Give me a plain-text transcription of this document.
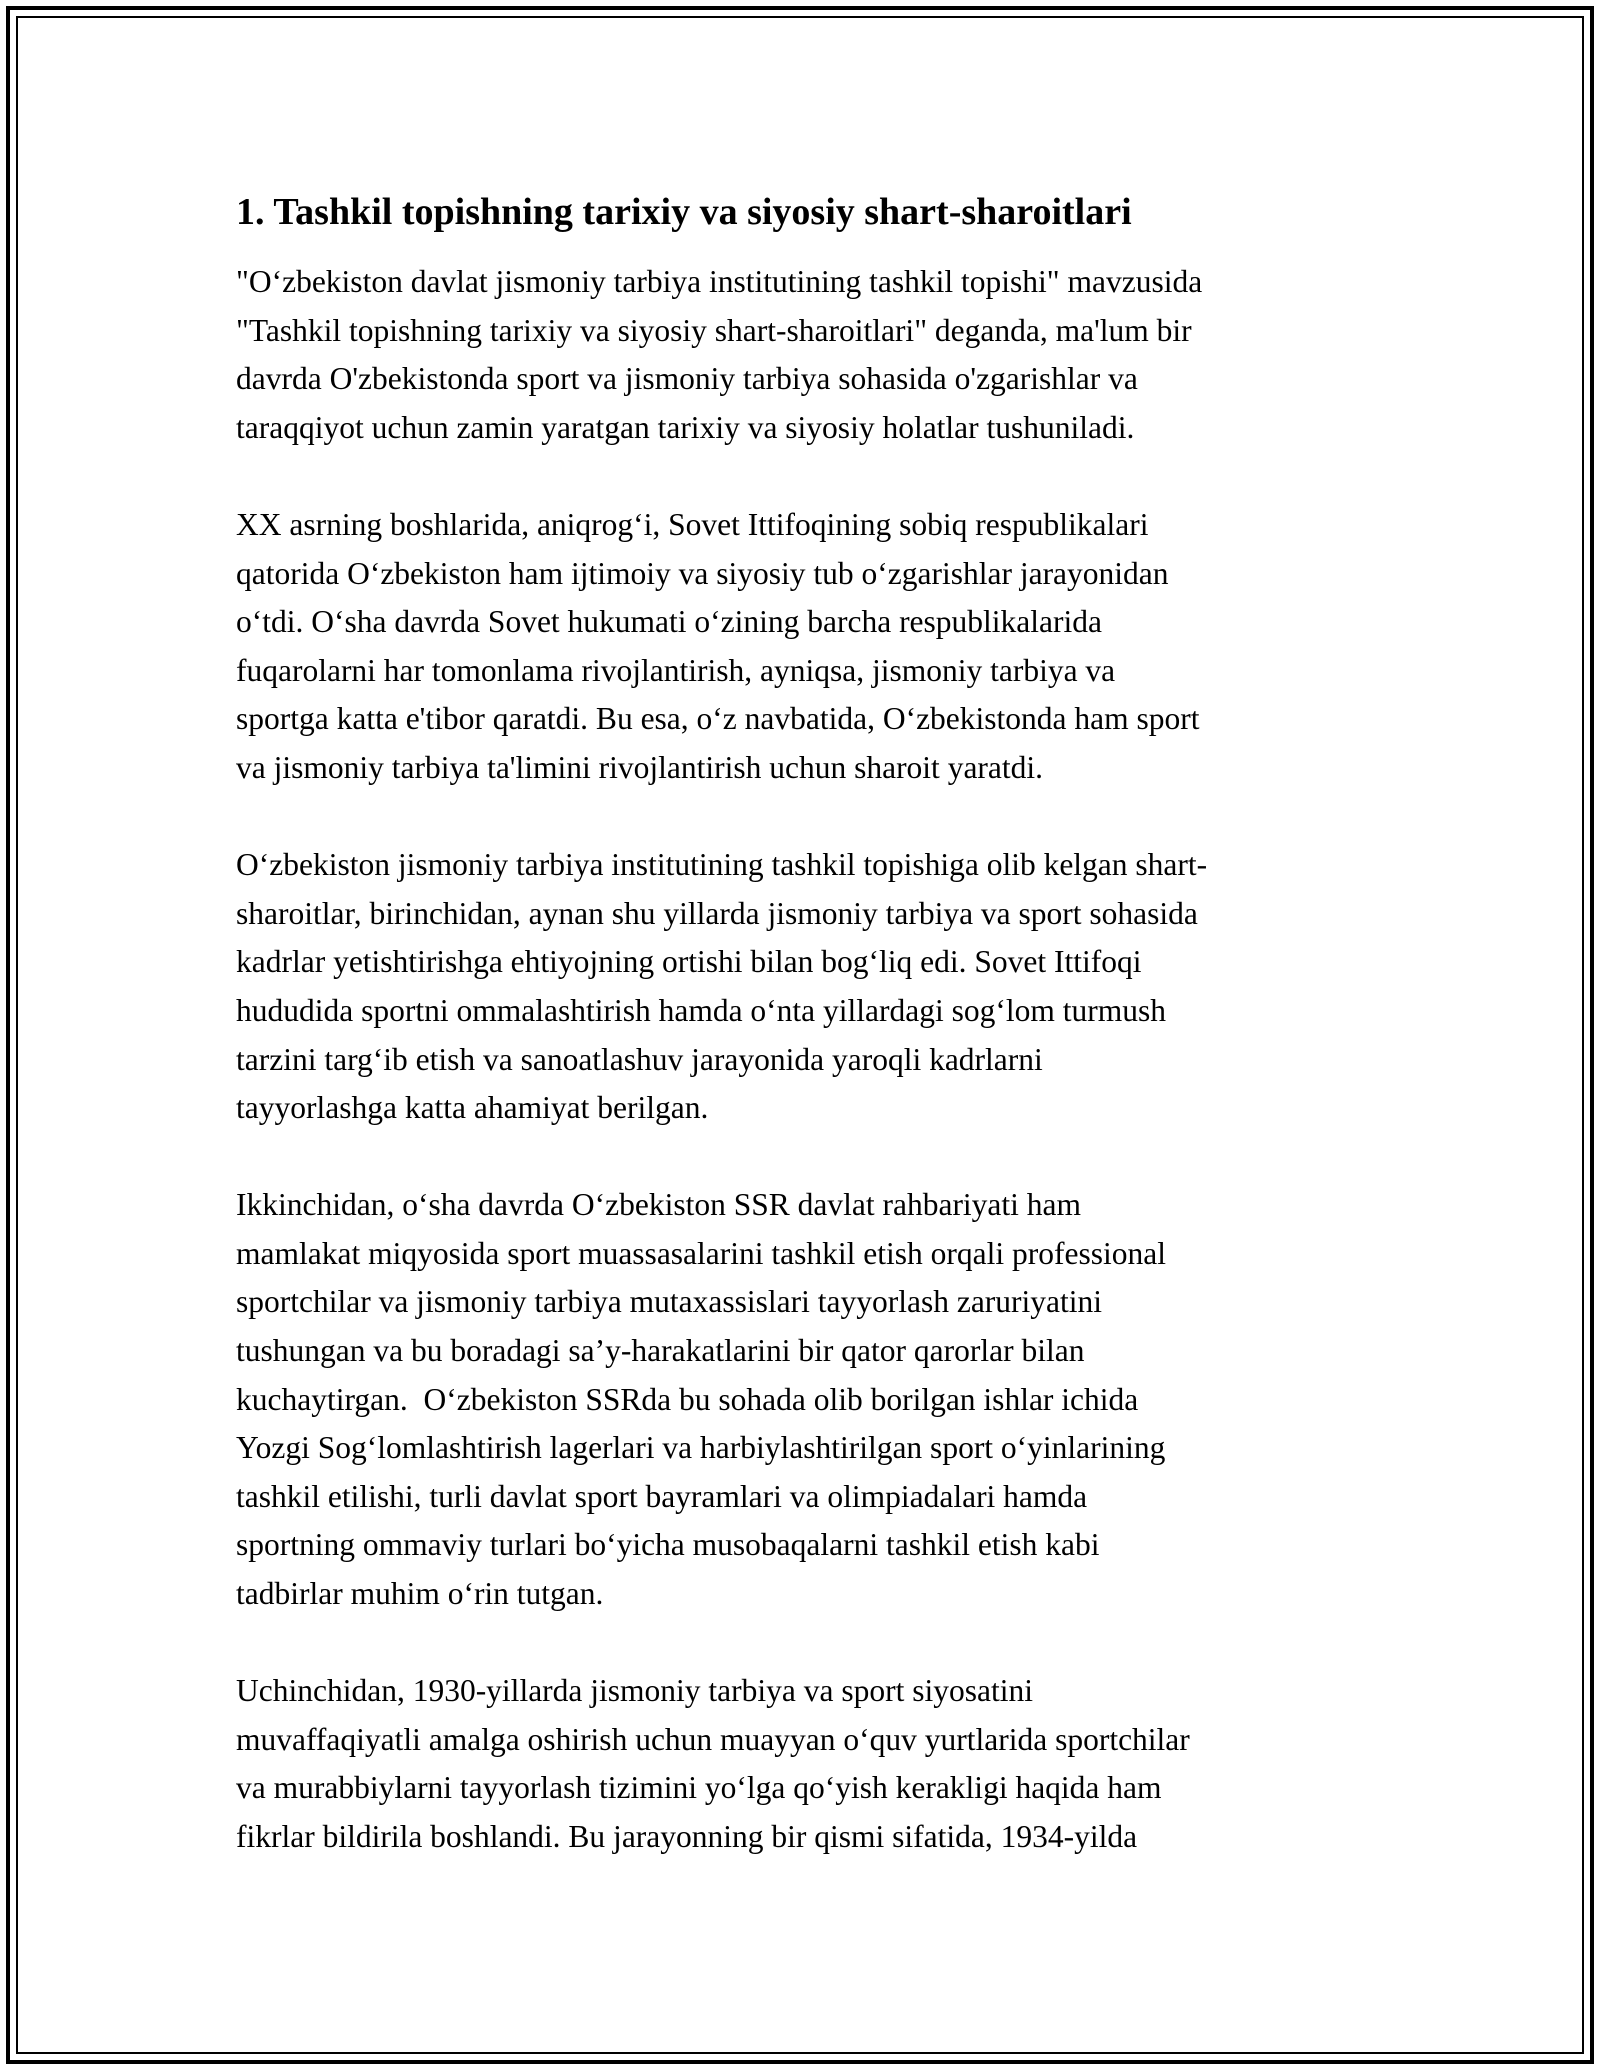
1. Tashkil topishning tarixiy va siyosiy shart-sharoitlari

"O‘zbekiston davlat jismoniy tarbiya institutining tashkil topishi" mavzusida
"Tashkil topishning tarixiy va siyosiy shart-sharoitlari" deganda, ma'lum bir
davrda O'zbekistonda sport va jismoniy tarbiya sohasida o'zgarishlar va
taraqqiyot uchun zamin yaratgan tarixiy va siyosiy holatlar tushuniladi.

XX asrning boshlarida, aniqrog‘i, Sovet Ittifoqining sobiq respublikalari
qatorida O‘zbekiston ham ijtimoiy va siyosiy tub o‘zgarishlar jarayonidan
o‘tdi. O‘sha davrda Sovet hukumati o‘zining barcha respublikalarida
fuqarolarni har tomonlama rivojlantirish, ayniqsa, jismoniy tarbiya va
sportga katta e'tibor qaratdi. Bu esa, o‘z navbatida, O‘zbekistonda ham sport
va jismoniy tarbiya ta'limini rivojlantirish uchun sharoit yaratdi.

O‘zbekiston jismoniy tarbiya institutining tashkil topishiga olib kelgan shart-
sharoitlar, birinchidan, aynan shu yillarda jismoniy tarbiya va sport sohasida
kadrlar yetishtirishga ehtiyojning ortishi bilan bog‘liq edi. Sovet Ittifoqi
hududida sportni ommalashtirish hamda o‘nta yillardagi sog‘lom turmush
tarzini targ‘ib etish va sanoatlashuv jarayonida yaroqli kadrlarni
tayyorlashga katta ahamiyat berilgan.

Ikkinchidan, o‘sha davrda O‘zbekiston SSR davlat rahbariyati ham
mamlakat miqyosida sport muassasalarini tashkil etish orqali professional
sportchilar va jismoniy tarbiya mutaxassislari tayyorlash zaruriyatini
tushungan va bu boradagi sa’y-harakatlarini bir qator qarorlar bilan
kuchaytirgan.  O‘zbekiston SSRda bu sohada olib borilgan ishlar ichida
Yozgi Sog‘lomlashtirish lagerlari va harbiylashtirilgan sport o‘yinlarining
tashkil etilishi, turli davlat sport bayramlari va olimpiadalari hamda
sportning ommaviy turlari bo‘yicha musobaqalarni tashkil etish kabi
tadbirlar muhim o‘rin tutgan.

Uchinchidan, 1930-yillarda jismoniy tarbiya va sport siyosatini
muvaffaqiyatli amalga oshirish uchun muayyan o‘quv yurtlarida sportchilar
va murabbiylarni tayyorlash tizimini yo‘lga qo‘yish kerakligi haqida ham
fikrlar bildirila boshlandi. Bu jarayonning bir qismi sifatida, 1934-yilda
